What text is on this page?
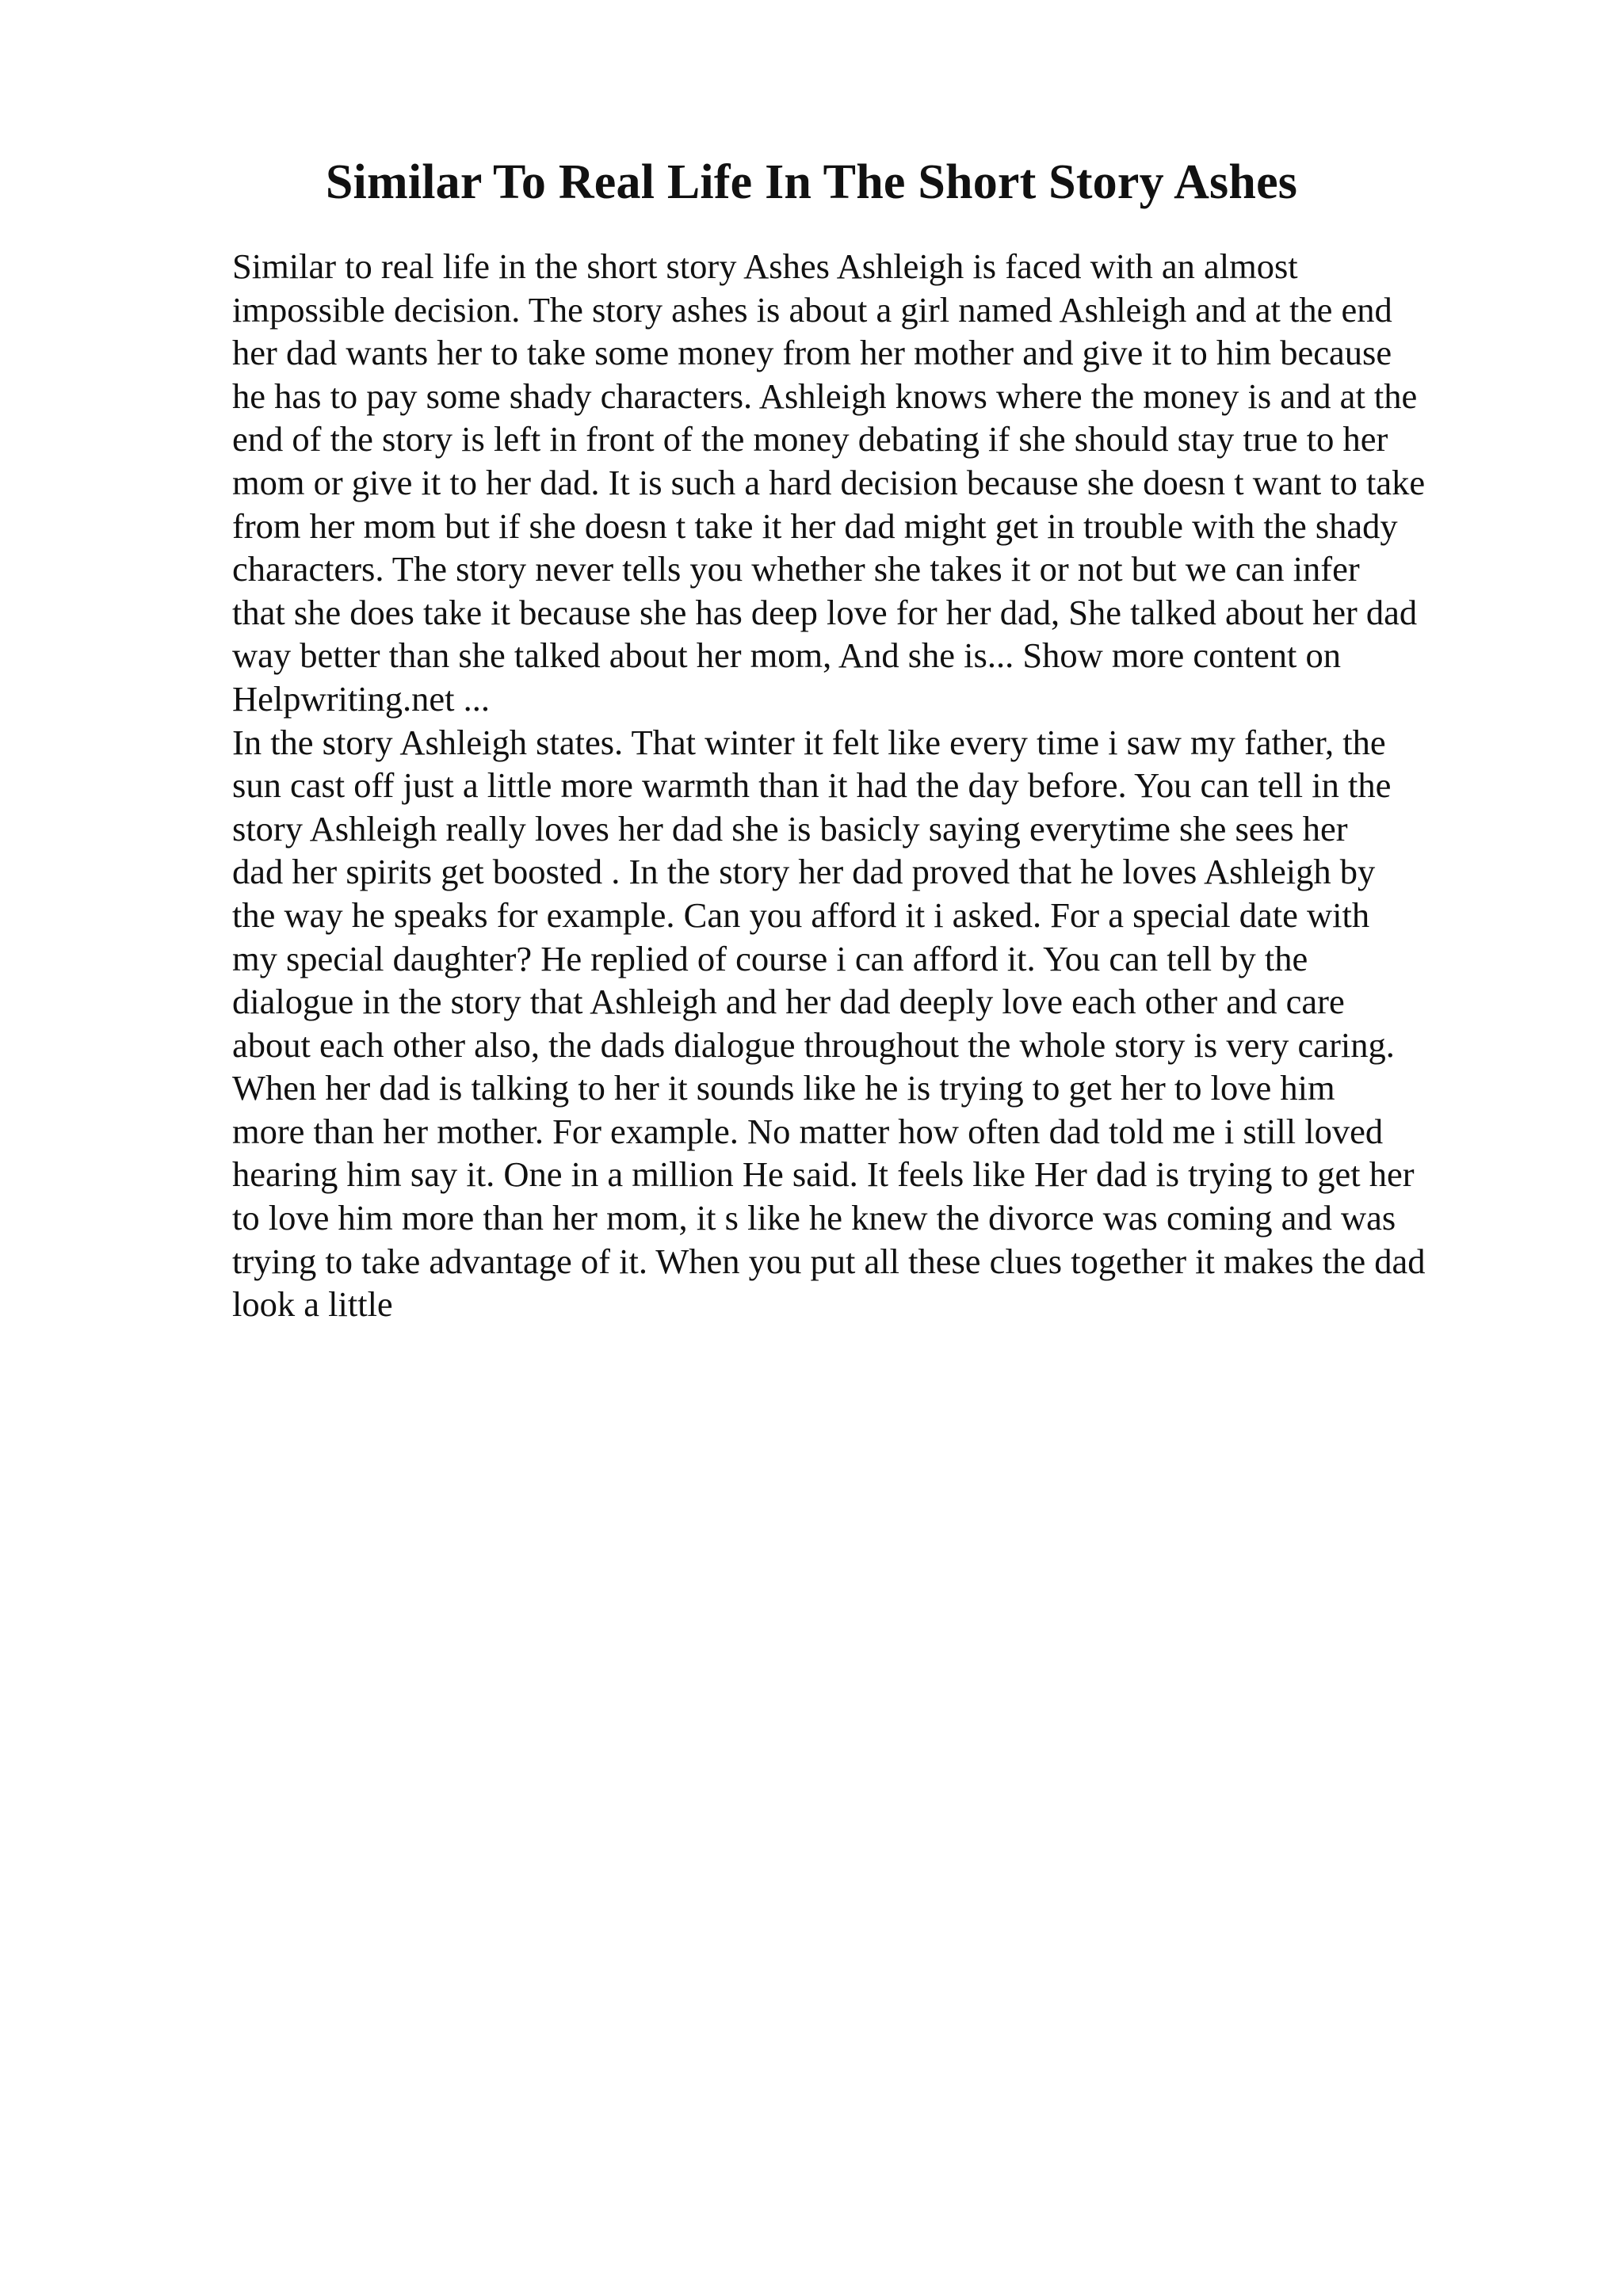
Similar To Real Life In The Short Story Ashes
Similar to real life in the short story Ashes Ashleigh is faced with an almost
impossible decision. The story ashes is about a girl named Ashleigh and at the end
her dad wants her to take some money from her mother and give it to him because
he has to pay some shady characters. Ashleigh knows where the money is and at the
end of the story is left in front of the money debating if she should stay true to her
mom or give it to her dad. It is such a hard decision because she doesn t want to take
from her mom but if she doesn t take it her dad might get in trouble with the shady
characters. The story never tells you whether she takes it or not but we can infer
that she does take it because she has deep love for her dad, She talked about her dad
way better than she talked about her mom, And she is... Show more content on
Helpwriting.net ...
In the story Ashleigh states. That winter it felt like every time i saw my father, the
sun cast off just a little more warmth than it had the day before. You can tell in the
story Ashleigh really loves her dad she is basicly saying everytime she sees her
dad her spirits get boosted . In the story her dad proved that he loves Ashleigh by
the way he speaks for example. Can you afford it i asked. For a special date with
my special daughter? He replied of course i can afford it. You can tell by the
dialogue in the story that Ashleigh and her dad deeply love each other and care
about each other also, the dads dialogue throughout the whole story is very caring.
When her dad is talking to her it sounds like he is trying to get her to love him
more than her mother. For example. No matter how often dad told me i still loved
hearing him say it. One in a million He said. It feels like Her dad is trying to get her
to love him more than her mom, it s like he knew the divorce was coming and was
trying to take advantage of it. When you put all these clues together it makes the dad
look a little
